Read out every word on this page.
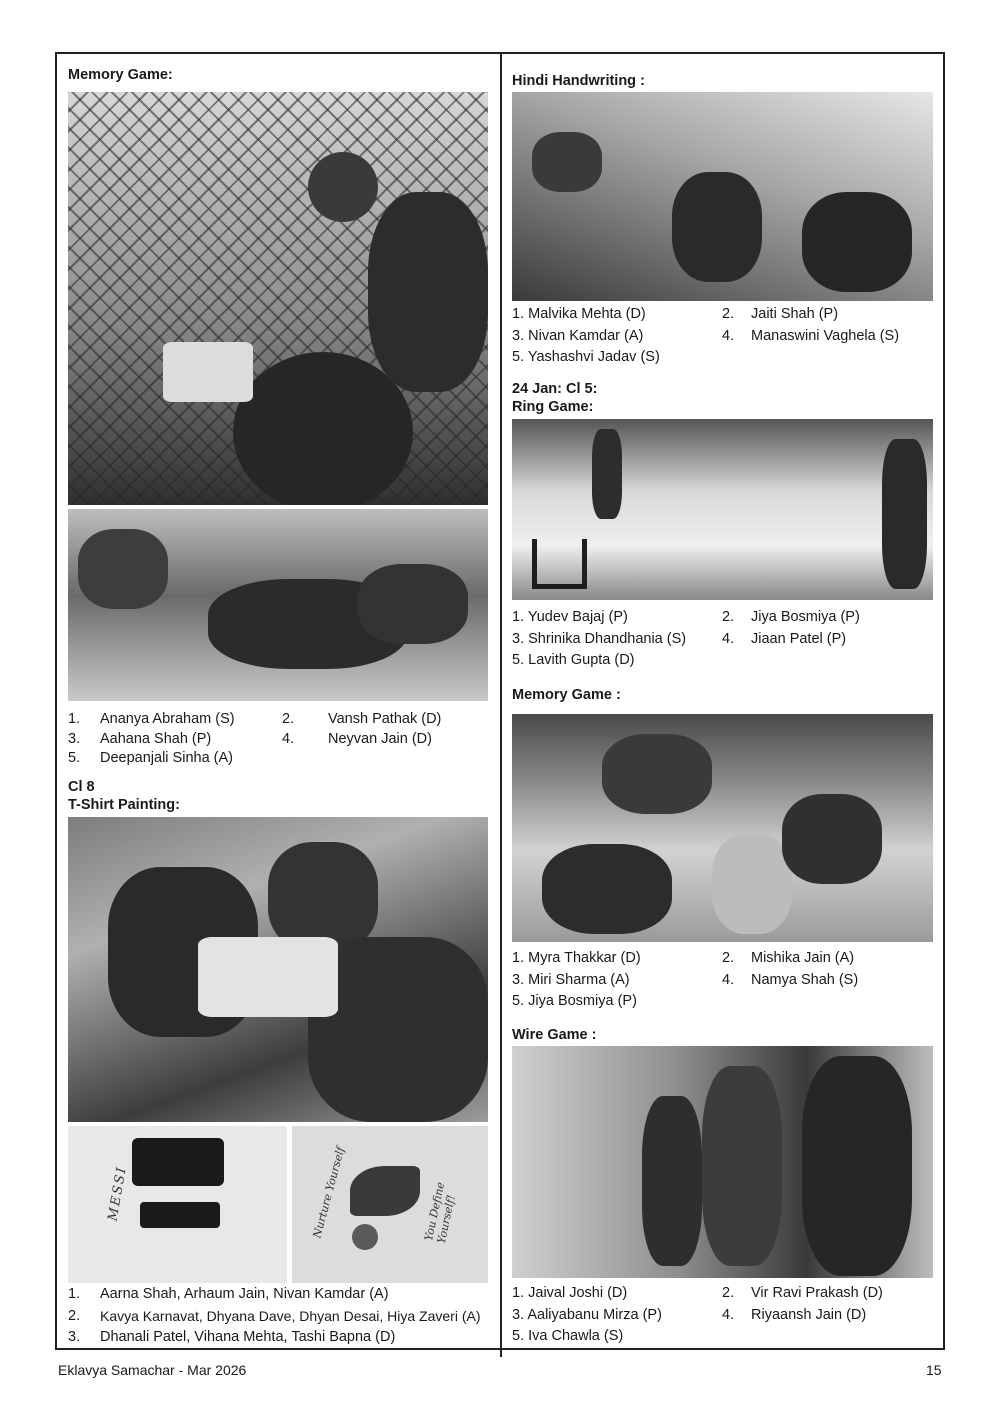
Memory Game:

1. Ananya Abraham (S)	2. Vansh Pathak (D)
3. Aahana Shah (P)	4. Neyvan Jain (D)
5. Deepanjali Sinha (A)

Cl 8

T-Shirt Painting:

MESSI	Nurture Yourself	You Define Yourself!
1. Aarna Shah, Arhaum Jain, Nivan Kamdar (A)
2. Kavya Karnavat, Dhyana Dave, Dhyan Desai, Hiya Zaveri (A)
3. Dhanali Patel, Vihana Mehta, Tashi Bapna (D)

Hindi Handwriting :

1. Malvika Mehta (D)	2. Jaiti Shah (P)
3. Nivan Kamdar (A)	4. Manaswini Vaghela (S)
5. Yashashvi Jadav (S)

24 Jan: Cl 5:

Ring Game:

1. Yudev Bajaj (P)	2. Jiya Bosmiya (P)
3. Shrinika Dhandhania (S) 4. Jiaan Patel (P)
5. Lavith Gupta (D)

Memory Game :

1. Myra Thakkar (D)	2. Mishika Jain (A)
3. Miri Sharma (A)	4. Namya Shah (S)
5. Jiya Bosmiya (P)

Wire Game :

1. Jaival Joshi (D)	2. Vir Ravi Prakash (D)
3. Aaliyabanu Mirza (P)	4. Riyaansh Jain (D)
5. Iva Chawla (S)
Eklavya Samachar - Mar 2026	15
